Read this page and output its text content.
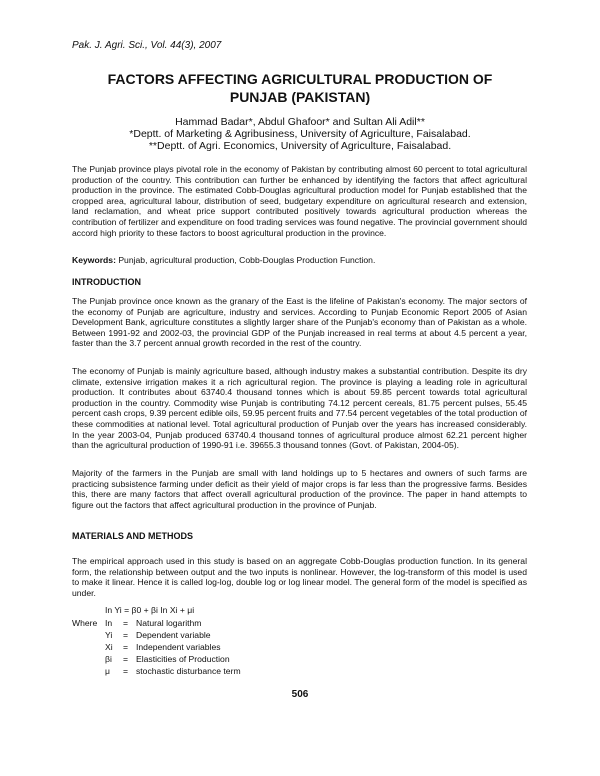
Pak. J. Agri. Sci., Vol. 44(3), 2007
FACTORS AFFECTING AGRICULTURAL PRODUCTION OF
PUNJAB (PAKISTAN)
Hammad Badar*, Abdul Ghafoor* and Sultan Ali Adil**
*Deptt. of Marketing & Agribusiness, University of Agriculture, Faisalabad.
**Deptt. of Agri. Economics, University of Agriculture, Faisalabad.
The Punjab province plays pivotal role in the economy of Pakistan by contributing almost 60 percent to total agricultural production of the country. This contribution can further be enhanced by identifying the factors that affect agricultural production in the province. The estimated Cobb-Douglas agricultural production model for Punjab established that the cropped area, agricultural labour, distribution of seed, budgetary expenditure on agricultural research and extension, land reclamation, and wheat price support contributed positively towards agricultural production whereas the contribution of fertilizer and expenditure on food trading services was found negative. The provincial government should accord high priority to these factors to boost agricultural production in the province.
Keywords: Punjab, agricultural production, Cobb-Douglas Production Function.
INTRODUCTION
The Punjab province once known as the granary of the East is the lifeline of Pakistan's economy. The major sectors of the economy of Punjab are agriculture, industry and services. According to Punjab Economic Report 2005 of Asian Development Bank, agriculture constitutes a slightly larger share of the Punjab's economy than of Pakistan as a whole. Between 1991-92 and 2002-03, the provincial GDP of the Punjab increased in real terms at about 4.5 percent a year, faster than the 3.7 percent annual growth recorded in the rest of the country.
The economy of Punjab is mainly agriculture based, although industry makes a substantial contribution. Despite its dry climate, extensive irrigation makes it a rich agricultural region. The province is playing a leading role in agricultural production. It contributes about 63740.4 thousand tonnes which is about 59.85 percent towards total agricultural production in the country. Commodity wise Punjab is contributing 74.12 percent cereals, 81.75 percent pulses, 55.45 percent cash crops, 9.39 percent edible oils, 59.95 percent fruits and 77.54 percent vegetables of the total production of these commodities at national level. Total agricultural production of Punjab over the years has increased considerably. In the year 2003-04, Punjab produced 63740.4 thousand tonnes of agricultural produce almost 62.21 percent higher than the agricultural production of 1990-91 i.e. 39655.3 thousand tonnes (Govt. of Pakistan, 2004-05).
Majority of the farmers in the Punjab are small with land holdings up to 5 hectares and owners of such farms are practicing subsistence farming under deficit as their yield of major crops is far less than the progressive farms. Besides this, there are many factors that affect overall agricultural production of the province. The paper in hand attempts to figure out the factors that affect agricultural production in the province of Punjab.
MATERIALS AND METHODS
The empirical approach used in this study is based on an aggregate Cobb-Douglas production function. In its general form, the relationship between output and the two inputs is nonlinear. However, the log-transform of this model is used to make it linear. Hence it is called log-log, double log or log linear model. The general form of the model is specified as under.
In Yi = β0 + βi In Xi + μi
Where In	= Natural logarithm
Yi	= Dependent variable
Xi	= Independent variables
βi	= Elasticities of Production
μ	= stochastic disturbance term
506
